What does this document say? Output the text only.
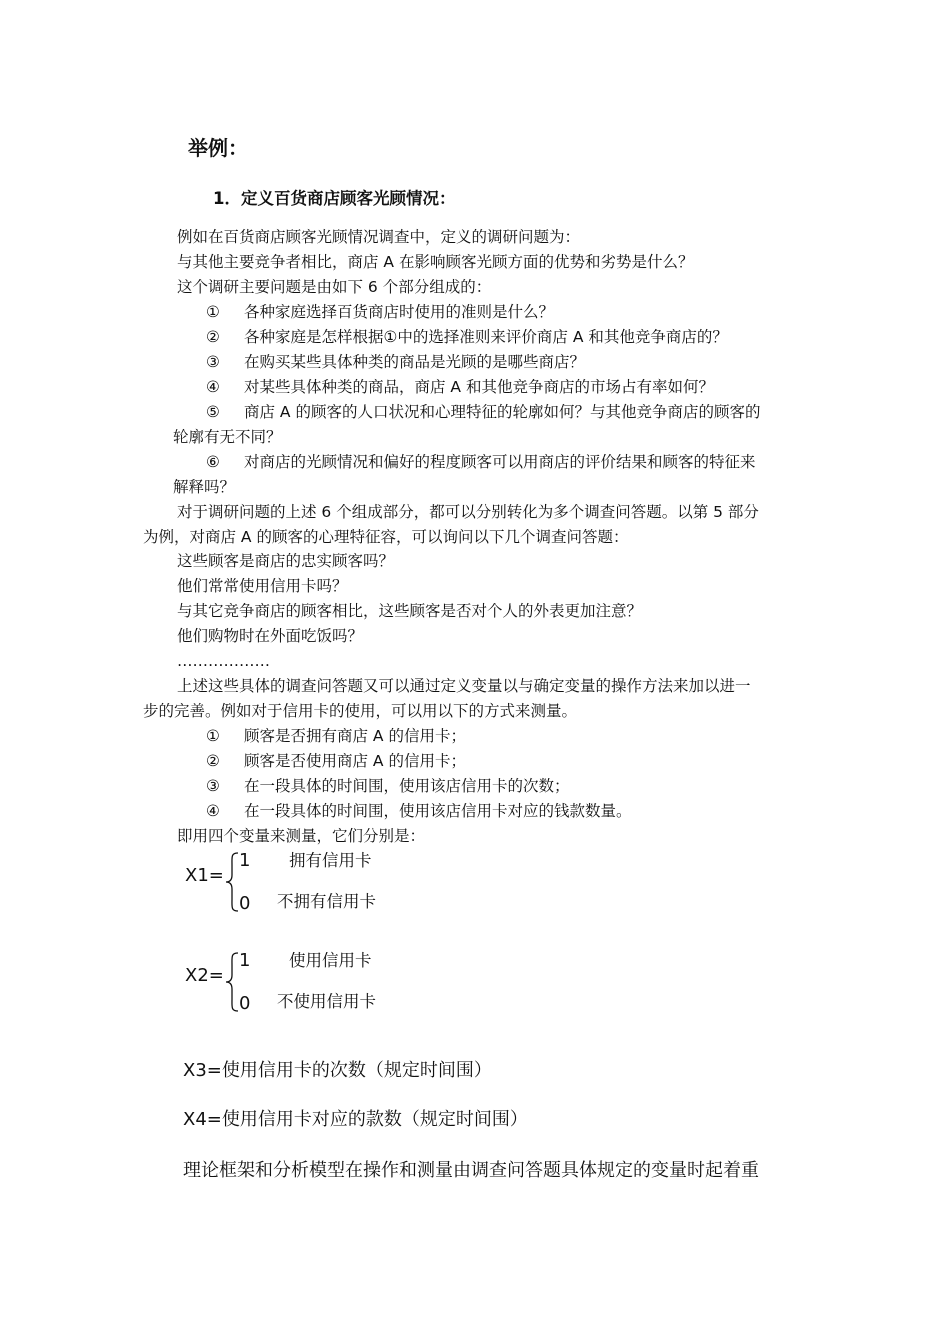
举例：
1．定义百货商店顾客光顾情况：
例如在百货商店顾客光顾情况调查中，定义的调研问题为：
与其他主要竞争者相比，商店 A 在影响顾客光顾方面的优势和劣势是什么？
这个调研主要问题是由如下 6 个部分组成的：
① 各种家庭选择百货商店时使用的准则是什么？
② 各种家庭是怎样根据①中的选择准则来评价商店 A 和其他竞争商店的？
③ 在购买某些具体种类的商品是光顾的是哪些商店？
④ 对某些具体种类的商品，商店 A 和其他竞争商店的市场占有率如何？
⑤ 商店 A 的顾客的人口状况和心理特征的轮廓如何？与其他竞争商店的顾客的
轮廓有无不同？
⑥ 对商店的光顾情况和偏好的程度顾客可以用商店的评价结果和顾客的特征来
解释吗？
对于调研问题的上述 6 个组成部分，都可以分别转化为多个调查问答题。以第 5 部分
为例，对商店 A 的顾客的心理特征容，可以询问以下几个调查问答题：
这些顾客是商店的忠实顾客吗？
他们常常使用信用卡吗？
与其它竞争商店的顾客相比，这些顾客是否对个人的外表更加注意？
他们购物时在外面吃饭吗？
………………
上述这些具体的调查问答题又可以通过定义变量以与确定变量的操作方法来加以进一
步的完善。例如对于信用卡的使用，可以用以下的方式来测量。
① 顾客是否拥有商店 A 的信用卡；
② 顾客是否使用商店 A 的信用卡；
③ 在一段具体的时间围，使用该店信用卡的次数；
④ 在一段具体的时间围，使用该店信用卡对应的钱款数量。
即用四个变量来测量，它们分别是：
X1=
1 拥有信用卡
0 不拥有信用卡
X2=
1 使用信用卡
0 不使用信用卡
X3=使用信用卡的次数（规定时间围）
X4=使用信用卡对应的款数（规定时间围）
理论框架和分析模型在操作和测量由调查问答题具体规定的变量时起着重
